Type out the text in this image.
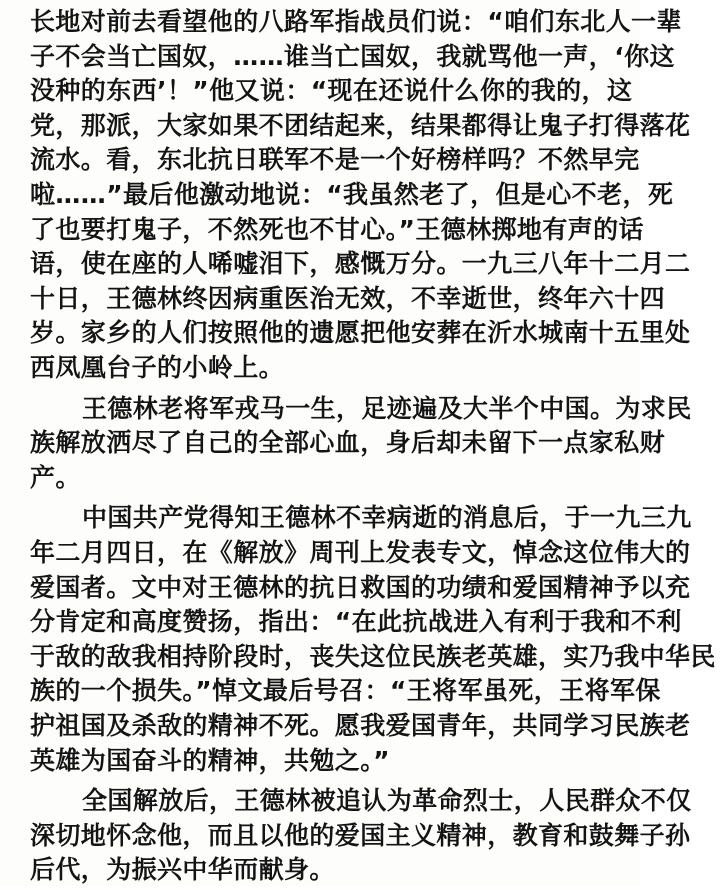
长地对前去看望他的八路军指战员们说：“咱们东北人一辈

子不会当亡国奴，……谁当亡国奴，我就骂他一声，‘你这

没种的东西’！”他又说：“现在还说什么你的我的，这

党，那派，大家如果不团结起来，结果都得让鬼子打得落花

流水。看，东北抗日联军不是一个好榜样吗？不然早完

啦……”最后他激动地说：“我虽然老了，但是心不老，死

了也要打鬼子，不然死也不甘心。”王德林掷地有声的话

语，使在座的人唏嘘泪下，感慨万分。一九三八年十二月二

十日，王德林终因病重医治无效，不幸逝世，终年六十四

岁。家乡的人们按照他的遗愿把他安葬在沂水城南十五里处

西凤凰台子的小岭上。

王德林老将军戎马一生，足迹遍及大半个中国。为求民

族解放洒尽了自己的全部心血，身后却未留下一点家私财

产。

中国共产党得知王德林不幸病逝的消息后，于一九三九

年二月四日，在《解放》周刊上发表专文，悼念这位伟大的

爱国者。文中对王德林的抗日救国的功绩和爱国精神予以充

分肯定和高度赞扬，指出：“在此抗战进入有利于我和不利

于敌的敌我相持阶段时，丧失这位民族老英雄，实乃我中华民

族的一个损失。”悼文最后号召：“王将军虽死，王将军保

护祖国及杀敌的精神不死。愿我爱国青年，共同学习民族老

英雄为国奋斗的精神，共勉之。”

全国解放后，王德林被追认为革命烈士，人民群众不仅

深切地怀念他，而且以他的爱国主义精神，教育和鼓舞子孙

后代，为振兴中华而献身。
